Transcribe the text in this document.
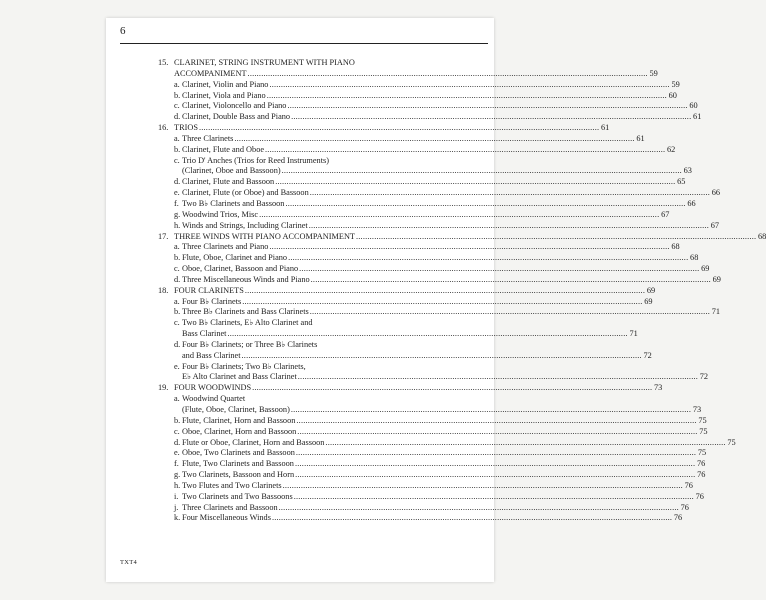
6
15. CLARINET, STRING INSTRUMENT WITH PIANO
ACCOMPANIMENT .....	59
a. Clarinet, Violin and Piano .....	59
b. Clarinet, Viola and Piano .....	60
c. Clarinet, Violoncello and Piano .....	60
d. Clarinet, Double Bass and Piano .....	61
16. TRIOS .....	61
a. Three Clarinets .....	61
b. Clarinet, Flute and Oboe .....	62
c. Trio D' Anches (Trios for Reed Instruments)
(Clarinet, Oboe and Bassoon) .....	63
d. Clarinet, Flute and Bassoon .....	65
e. Clarinet, Flute (or Oboe) and Bassoon .....	66
f. Two B♭ Clarinets and Bassoon .....	66
g. Woodwind Trios, Misc .....	67
h. Winds and Strings, Including Clarinet .....	67
17. THREE WINDS WITH PIANO ACCOMPANIMENT .....	68
a. Three Clarinets and Piano .....	68
b. Flute, Oboe, Clarinet and Piano .....	68
c. Oboe, Clarinet, Bassoon and Piano .....	69
d. Three Miscellaneous Winds and Piano .....	69
18. FOUR CLARINETS .....	69
a. Four B♭ Clarinets .....	69
b. Three B♭ Clarinets and Bass Clarinets .....	71
c. Two B♭ Clarinets, E♭ Alto Clarinet and
Bass Clarinet .....	71
d. Four B♭ Clarinets; or Three B♭ Clarinets
and Bass Clarinet .....	72
e. Four B♭ Clarinets; Two B♭ Clarinets,
E♭ Alto Clarinet and Bass Clarinet .....	72
19. FOUR WOODWINDS .....	73
a. Woodwind Quartet
(Flute, Oboe, Clarinet, Bassoon) .....	73
b. Flute, Clarinet, Horn and Bassoon .....	75
c. Oboe, Clarinet, Horn and Bassoon .....	75
d. Flute or Oboe, Clarinet, Horn and Bassoon .....	75
e. Oboe, Two Clarinets and Bassoon .....	75
f. Flute, Two Clarinets and Bassoon .....	76
g. Two Clarinets, Bassoon and Horn .....	76
h. Two Flutes and Two Clarinets .....	76
i. Two Clarinets and Two Bassoons .....	76
j. Three Clarinets and Bassoon .....	76
k. Four Miscellaneous Winds .....	76
TXT4
